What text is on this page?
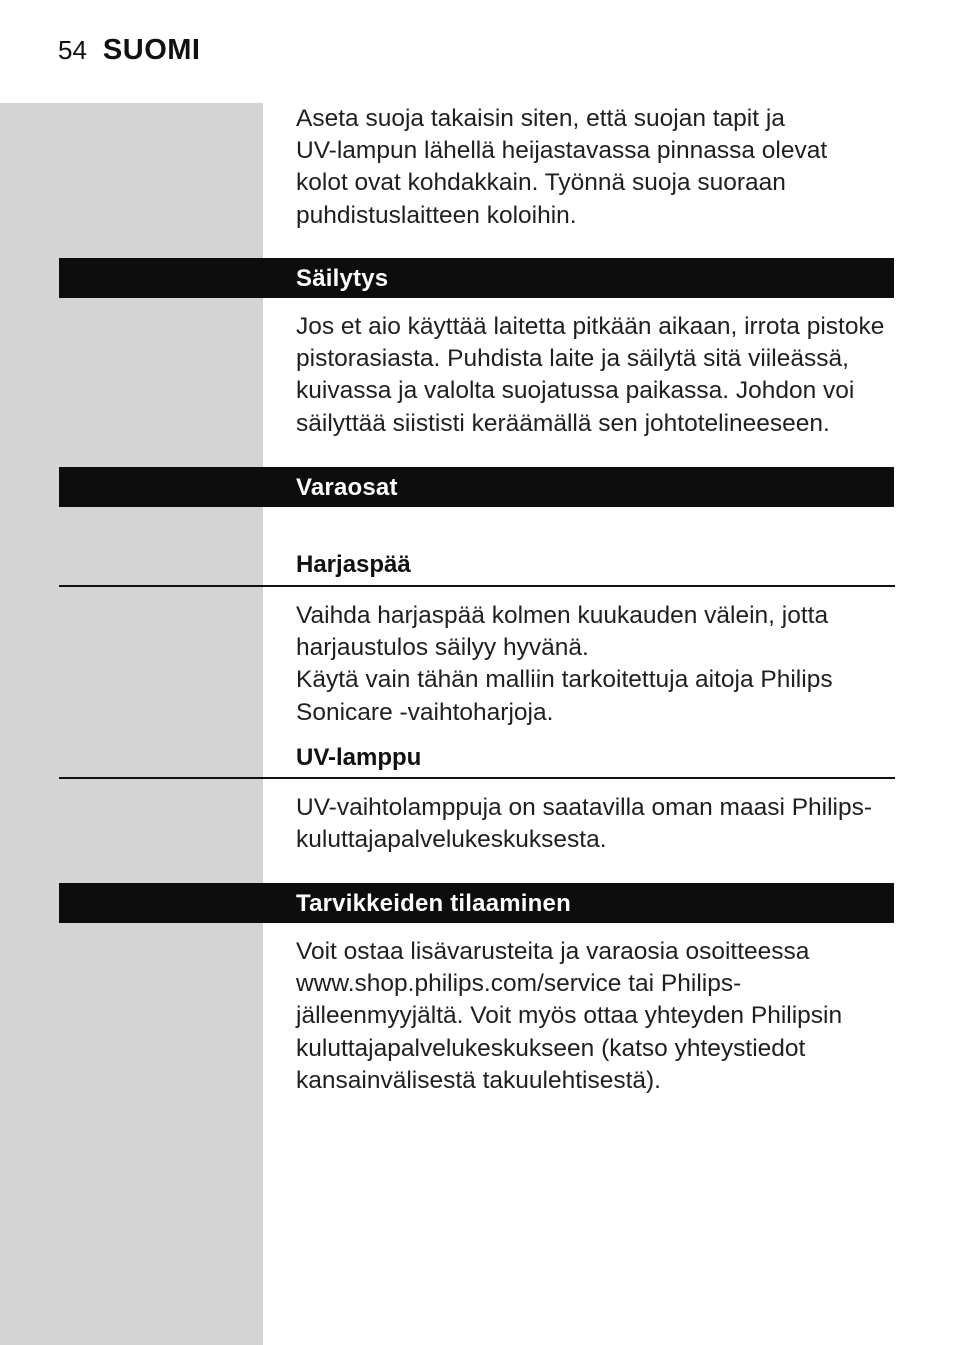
54 SUOMI

Aseta suoja takaisin siten, että suojan tapit ja
UV-lampun lähellä heijastavassa pinnassa olevat
kolot ovat kohdakkain. Työnnä suoja suoraan
puhdistuslaitteen koloihin.

Säilytys

Jos et aio käyttää laitetta pitkään aikaan, irrota pistoke
pistorasiasta. Puhdista laite ja säilytä sitä viileässä,
kuivassa ja valolta suojatussa paikassa. Johdon voi
säilyttää siististi keräämällä sen johtotelineeseen.

Varaosat
Harjaspää

Vaihda harjaspää kolmen kuukauden välein, jotta
harjaustulos säilyy hyvänä.
Käytä vain tähän malliin tarkoitettuja aitoja Philips
Sonicare -vaihtoharjoja.

UV-lamppu

UV-vaihtolamppuja on saatavilla oman maasi Philips-
kuluttajapalvelukeskuksesta.

Tarvikkeiden tilaaminen

Voit ostaa lisävarusteita ja varaosia osoitteessa
www.shop.philips.com/service tai Philips-
jälleenmyyjältä. Voit myös ottaa yhteyden Philipsin
kuluttajapalvelukeskukseen (katso yhteystiedot
kansainvälisestä takuulehtisestä).
